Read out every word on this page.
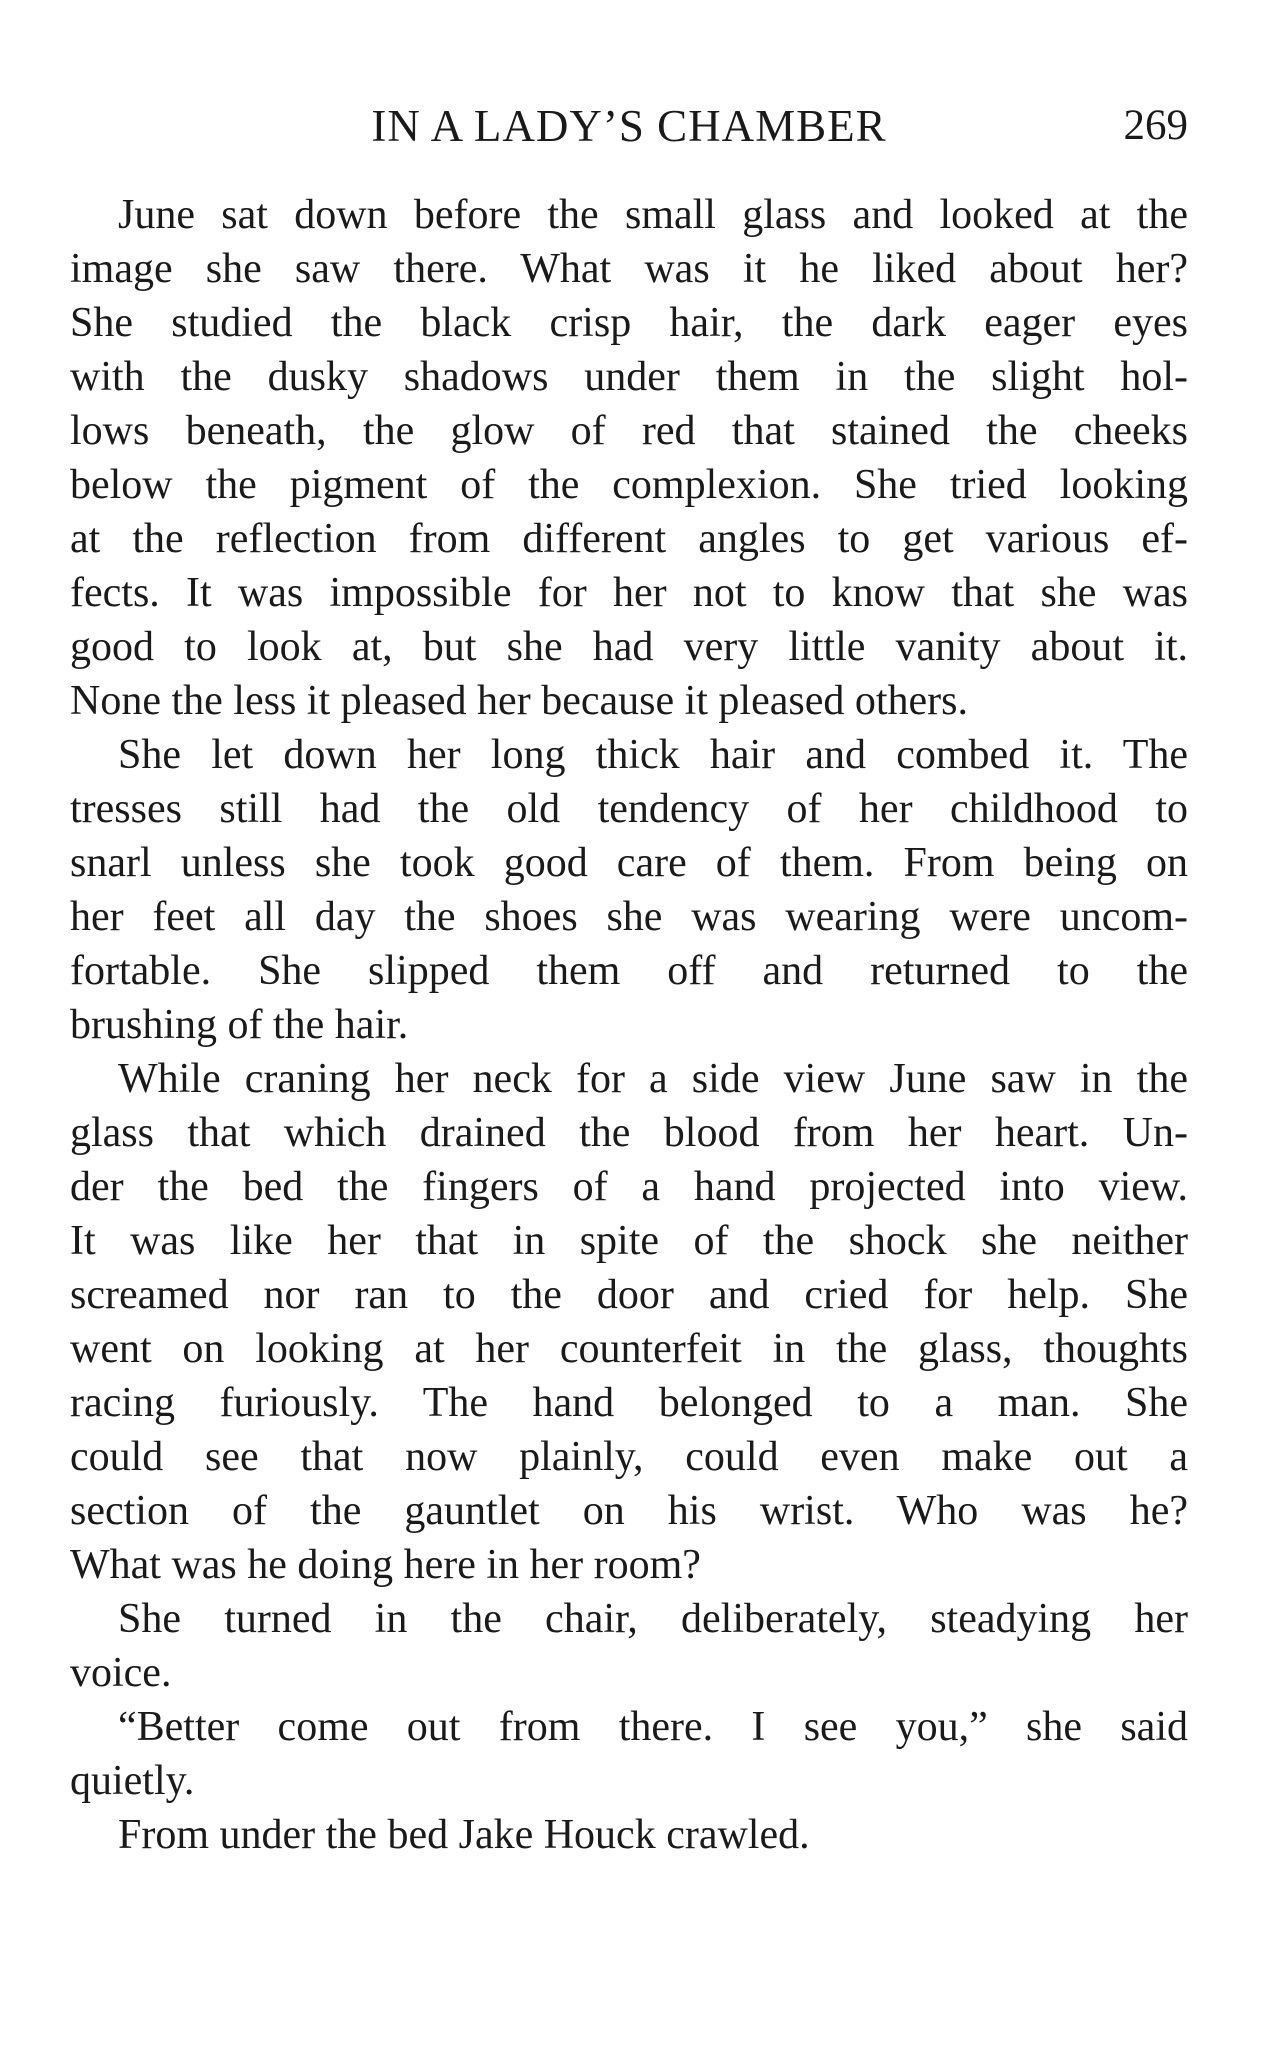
IN A LADY’S CHAMBER	269

June sat down before the small glass and looked at the
image she saw there. What was it he liked about her?
She studied the black crisp hair, the dark eager eyes
with the dusky shadows under them in the slight hol-
lows beneath, the glow of red that stained the cheeks
below the pigment of the complexion. She tried looking
at the reflection from different angles to get various ef-
fects. It was impossible for her not to know that she was
good to look at, but she had very little vanity about it.
None the less it pleased her because it pleased others.

She let down her long thick hair and combed it. The
tresses still had the old tendency of her childhood to
snarl unless she took good care of them. From being on
her feet all day the shoes she was wearing were uncom-
fortable. She slipped them off and returned to the
brushing of the hair.

While craning her neck for a side view June saw in the
glass that which drained the blood from her heart. Un-
der the bed the fingers of a hand projected into view.
It was like her that in spite of the shock she neither
screamed nor ran to the door and cried for help. She
went on looking at her counterfeit in the glass, thoughts
racing furiously. The hand belonged to a man. She
could see that now plainly, could even make out a
section of the gauntlet on his wrist. Who was he?
What was he doing here in her room?

She turned in the chair, deliberately, steadying her
voice.

“Better come out from there. I see you,” she said
quietly.

From under the bed Jake Houck crawled.
